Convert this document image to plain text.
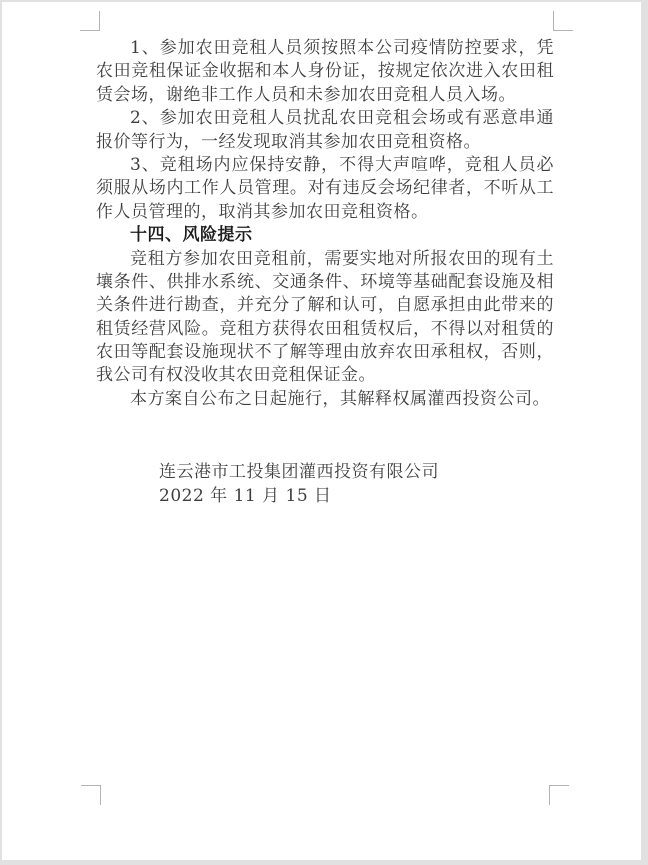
1、参加农田竞租人员须按照本公司疫情防控要求，凭
农田竞租保证金收据和本人身份证，按规定依次进入农田租
赁会场，谢绝非工作人员和未参加农田竞租人员入场。
2、参加农田竞租人员扰乱农田竞租会场或有恶意串通
报价等行为，一经发现取消其参加农田竞租资格。
3、竞租场内应保持安静，不得大声喧哗，竞租人员必
须服从场内工作人员管理。对有违反会场纪律者，不听从工
作人员管理的，取消其参加农田竞租资格。
十四、风险提示
竞租方参加农田竞租前，需要实地对所报农田的现有土
壤条件、供排水系统、交通条件、环境等基础配套设施及相
关条件进行勘查，并充分了解和认可，自愿承担由此带来的
租赁经营风险。竞租方获得农田租赁权后，不得以对租赁的
农田等配套设施现状不了解等理由放弃农田承租权，否则，
我公司有权没收其农田竞租保证金。
本方案自公布之日起施行，其解释权属灌西投资公司。
连云港市工投集团灌西投资有限公司
2022 年 11 月 15 日
